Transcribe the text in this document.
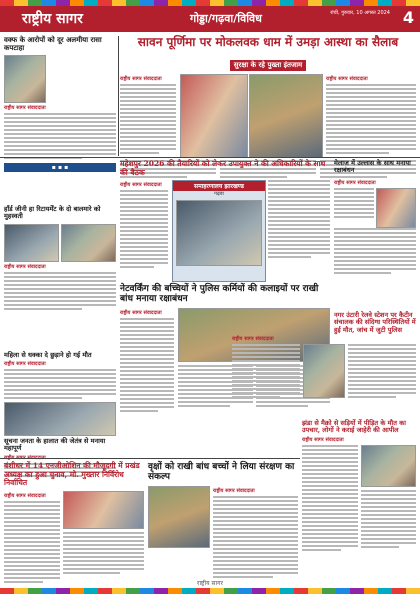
राष्ट्रीय सागर	गोड्डा/गढ़वा/विविध	रांची, गुरुवार, 10 अगस्त 2024 4
वक्फ के आरोपों को दूर अलमीया रासा कपटाहा
राष्ट्रीय सागर संवाददाता
▪ ▪ ▪
सावन पूर्णिमा पर मोकलवक धाम में उमड़ा आस्था का सैलाब
सुरक्षा के रहे पुख्ता इंतजाम
राष्ट्रीय सागर संवाददाता	राष्ट्रीय सागर संवाददाता
महेशपुर 2026 की तैयारियों को लेकर उपायुक्त ने की अधिकारियों के साथ की बैठक
मेलाज में उल्लास के साथ मनाया रक्षाबंधन
हाँर्ड जीनी हा रिटायर्मेंट के दो बालमारे को मुहस्वती
राष्ट्रीय सागर संवाददाता
राष्ट्रीय सागर संवाददाता	समाहरणालय झारखण्ड
गढ़वा
राष्ट्रीय सागर संवाददाता
नेटवर्किंग की बच्चियों ने पुलिस कर्मियों की कलाइयों पर राखी बांध मनाया रक्षाबंधन
राष्ट्रीय सागर संवाददाता	नगर उंटारी रेलवे स्टेशन पर कैटीन संचालक की संदिग्ध परिस्थितियों में हुई मौत, जांच में जुटी पुलिस
राष्ट्रीय सागर संवाददाता
महिला से धक्का दे छुड़ाने हो गई मौत
राष्ट्रीय सागर संवाददाता
सूचना जनता के हालात की जेतंत्र से मनाया महापूर्ण
बंशीधर में 14 एनजीओशिन की मौजूदगी में प्रखंड अध्यक्ष का हुआ चुनाव, मो. मुख्तार निर्विरोध निर्वाचित
राष्ट्रीय सागर संवाददाता
वृक्षों को राखी बांध बच्चों ने लिया संरक्षण का संकल्प
राष्ट्रीय सागर संवाददाता
झंडा से मैक्रो से सड़ियों में पीड़ित के मौत का उपचार, लोगों ने कराई जाहेरी की आपील
राष्ट्रीय सागर संवाददाता
राष्ट्रीय सागर
